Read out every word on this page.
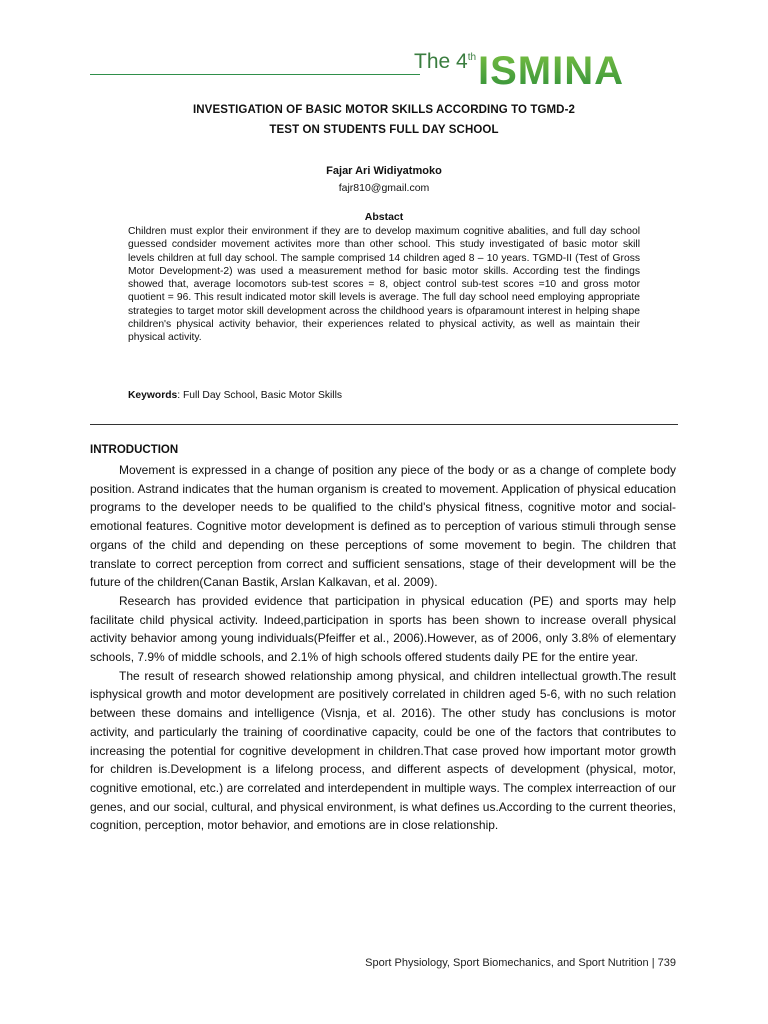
The 4th ISMINA
INVESTIGATION OF BASIC MOTOR SKILLS ACCORDING TO TGMD-2
TEST ON STUDENTS FULL DAY SCHOOL
Fajar Ari Widiyatmoko
fajr810@gmail.com
Abstact

Children must explor their environment if they are to develop maximum cognitive abalities, and full day school guessed condsider movement activites more than other school. This study investigated of basic motor skill levels children at full day school. The sample comprised 14 children aged 8 – 10 years. TGMD-II (Test of Gross Motor Development-2) was used a measurement method for basic motor skills. According test the findings showed that, average locomotors sub-test scores = 8, object control sub-test scores =10 and gross motor quotient = 96. This result indicated motor skill levels is average. The full day school need employing appropriate strategies to target motor skill development across the childhood years is ofparamount interest in helping shape children's physical activity behavior, their experiences related to physical activity, as well as maintain their physical activity.

Keywords: Full Day School, Basic Motor Skills
INTRODUCTION

Movement is expressed in a change of position any piece of the body or as a change of complete body position. Astrand indicates that the human organism is created to movement. Application of physical education programs to the developer needs to be qualified to the child's physical fitness, cognitive motor and social-emotional features. Cognitive motor development is defined as to perception of various stimuli through sense organs of the child and depending on these perceptions of some movement to begin. The children that translate to correct perception from correct and sufficient sensations, stage of their development will be the future of the children(Canan Bastik, Arslan Kalkavan, et al. 2009).

Research has provided evidence that participation in physical education (PE) and sports may help facilitate child physical activity. Indeed,participation in sports has been shown to increase overall physical activity behavior among young individuals(Pfeiffer et al., 2006).However, as of 2006, only 3.8% of elementary schools, 7.9% of middle schools, and 2.1% of high schools offered students daily PE for the entire year.

The result of research showed relationship among physical, and children intellectual growth.The result isphysical growth and motor development are positively correlated in children aged 5-6, with no such relation between these domains and intelligence (Visnja, et al. 2016). The other study has conclusions is motor activity, and particularly the training of coordinative capacity, could be one of the factors that contributes to increasing the potential for cognitive development in children.That case proved how important motor growth for children is.Development is a lifelong process, and different aspects of development (physical, motor, cognitive emotional, etc.) are correlated and interdependent in multiple ways. The complex interreaction of our genes, and our social, cultural, and physical environment, is what defines us.According to the current theories, cognition, perception, motor behavior, and emotions are in close relationship.

Sport Physiology, Sport Biomechanics, and Sport Nutrition | 739
